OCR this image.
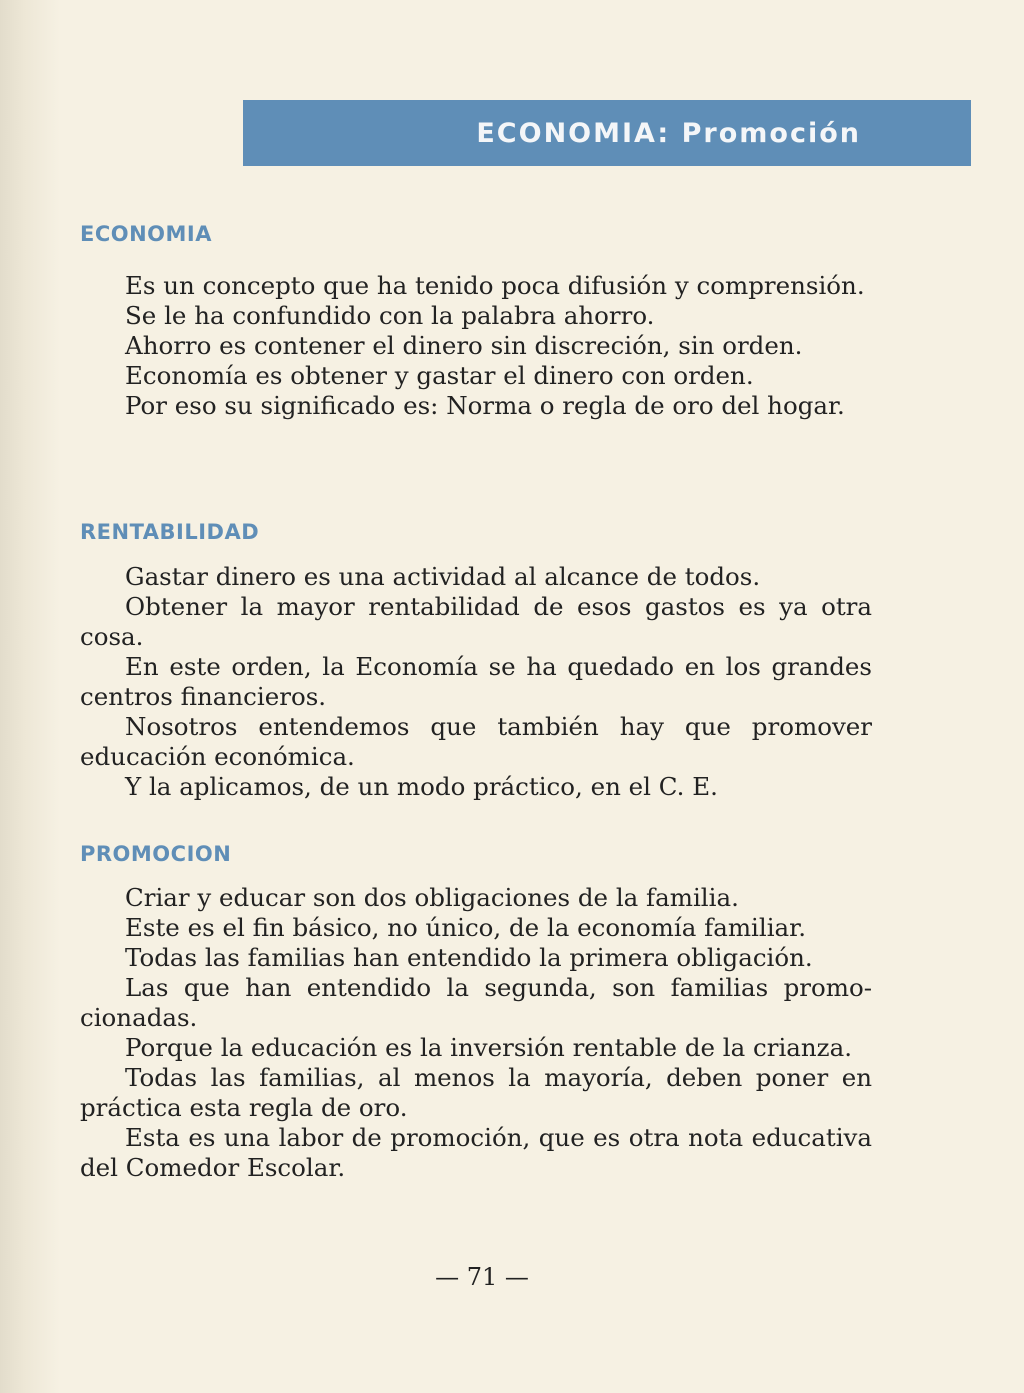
ECONOMIA: Promoción
ECONOMIA

Es un concepto que ha tenido poca difusión y comprensión.

Se le ha confundido con la palabra ahorro.

Ahorro es contener el dinero sin discreción, sin orden.

Economía es obtener y gastar el dinero con orden.

Por eso su significado es: Norma o regla de oro del hogar.

RENTABILIDAD

Gastar dinero es una actividad al alcance de todos.

Obtener la mayor rentabilidad de esos gastos es ya otra cosa.

En este orden, la Economía se ha quedado en los grandes centros financieros.

Nosotros entendemos que también hay que promover educación económica.

Y la aplicamos, de un modo práctico, en el C. E.

PROMOCION

Criar y educar son dos obligaciones de la familia.

Este es el fin básico, no único, de la economía familiar.

Todas las familias han entendido la primera obligación.

Las que han entendido la segunda, son familias promocionadas.

Porque la educación es la inversión rentable de la crianza.

Todas las familias, al menos la mayoría, deben poner en práctica esta regla de oro.

Esta es una labor de promoción, que es otra nota educativa del Comedor Escolar.

— 71 —
